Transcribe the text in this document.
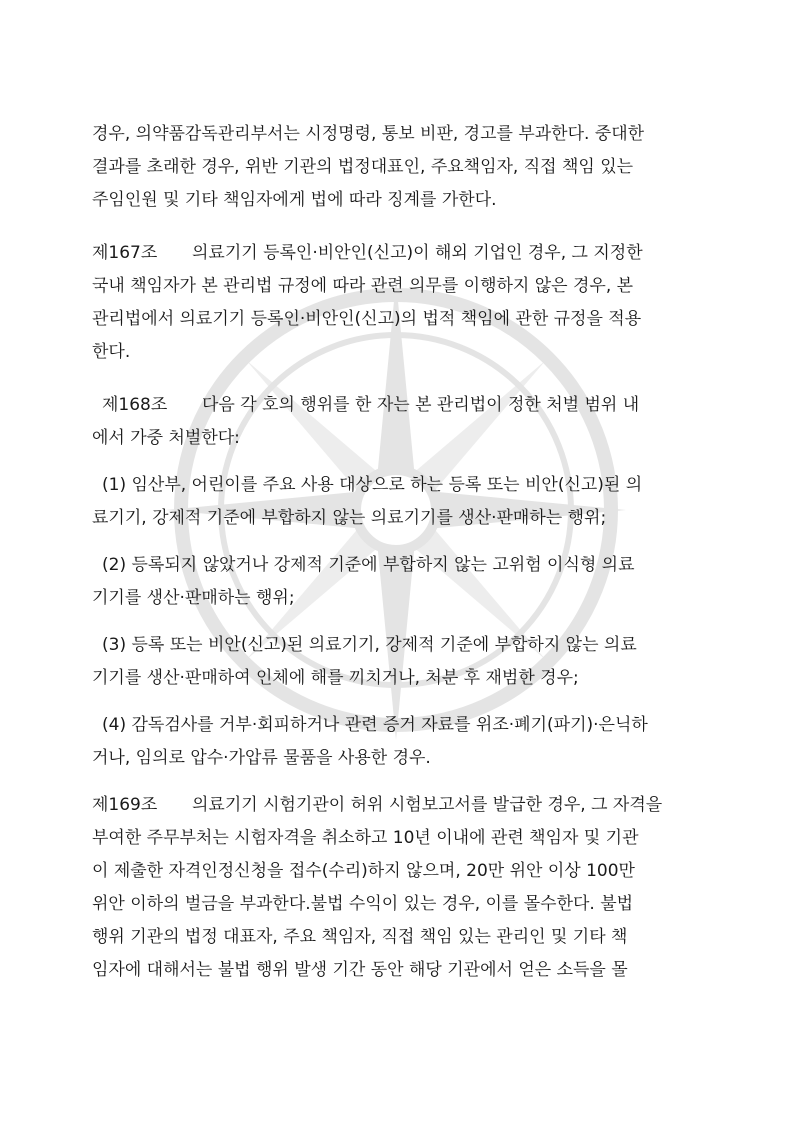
경우, 의약품감독관리부서는 시정명령, 통보 비판, 경고를 부과한다. 중대한
결과를 초래한 경우, 위반 기관의 법정대표인, 주요책임자, 직접 책임 있는
주임인원 및 기타 책임자에게 법에 따라 징계를 가한다.

제167조 의료기기 등록인·비안인(신고)이 해외 기업인 경우, 그 지정한
국내 책임자가 본 관리법 규정에 따라 관련 의무를 이행하지 않은 경우, 본
관리법에서 의료기기 등록인·비안인(신고)의 법적 책임에 관한 규정을 적용
한다.

제168조 다음 각 호의 행위를 한 자는 본 관리법이 정한 처벌 범위 내
에서 가중 처벌한다:

(1) 임산부, 어린이를 주요 사용 대상으로 하는 등록 또는 비안(신고)된 의
료기기, 강제적 기준에 부합하지 않는 의료기기를 생산·판매하는 행위;

(2) 등록되지 않았거나 강제적 기준에 부합하지 않는 고위험 이식형 의료
기기를 생산·판매하는 행위;

(3) 등록 또는 비안(신고)된 의료기기, 강제적 기준에 부합하지 않는 의료
기기를 생산·판매하여 인체에 해를 끼치거나, 처분 후 재범한 경우;

(4) 감독검사를 거부·회피하거나 관련 증거 자료를 위조·폐기(파기)·은닉하
거나, 임의로 압수·가압류 물품을 사용한 경우.

제169조 의료기기 시험기관이 허위 시험보고서를 발급한 경우, 그 자격을
부여한 주무부처는 시험자격을 취소하고 10년 이내에 관련 책임자 및 기관
이 제출한 자격인정신청을 접수(수리)하지 않으며, 20만 위안 이상 100만
위안 이하의 벌금을 부과한다.불법 수익이 있는 경우, 이를 몰수한다. 불법
행위 기관의 법정 대표자, 주요 책임자, 직접 책임 있는 관리인 및 기타 책
임자에 대해서는 불법 행위 발생 기간 동안 해당 기관에서 얻은 소득을 몰
